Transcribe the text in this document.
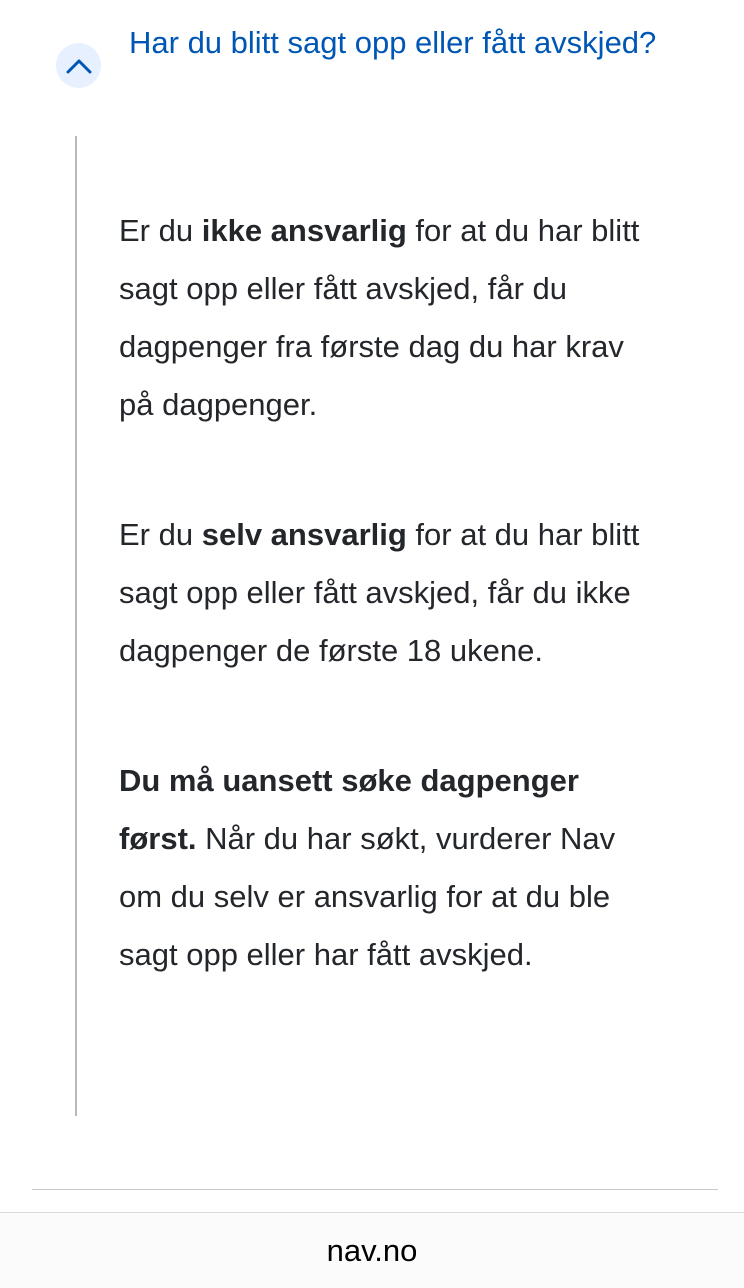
Har du blitt sagt opp eller fått avskjed?

Er du ikke ansvarlig for at du har blitt sagt opp eller fått avskjed, får du dagpenger fra første dag du har krav på dagpenger.

Er du selv ansvarlig for at du har blitt sagt opp eller fått avskjed, får du ikke dagpenger de første 18 ukene.

Du må uansett søke dagpenger først. Når du har søkt, vurderer Nav om du selv er ansvarlig for at du ble sagt opp eller har fått avskjed.

nav.no
